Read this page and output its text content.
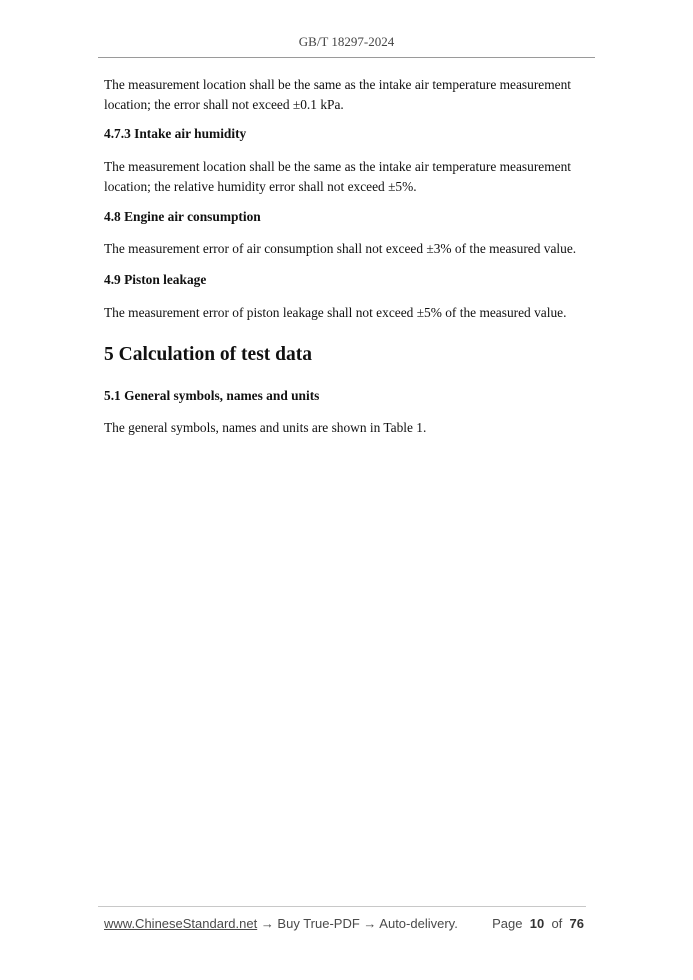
GB/T 18297-2024

The measurement location shall be the same as the intake air temperature measurement location; the error shall not exceed ±0.1 kPa.

4.7.3 Intake air humidity

The measurement location shall be the same as the intake air temperature measurement location; the relative humidity error shall not exceed ±5%.

4.8 Engine air consumption

The measurement error of air consumption shall not exceed ±3% of the measured value.

4.9 Piston leakage

The measurement error of piston leakage shall not exceed ±5% of the measured value.

5 Calculation of test data

5.1 General symbols, names and units

The general symbols, names and units are shown in Table 1.

www.ChineseStandard.net → Buy True-PDF → Auto-delivery.	Page 10 of 76
